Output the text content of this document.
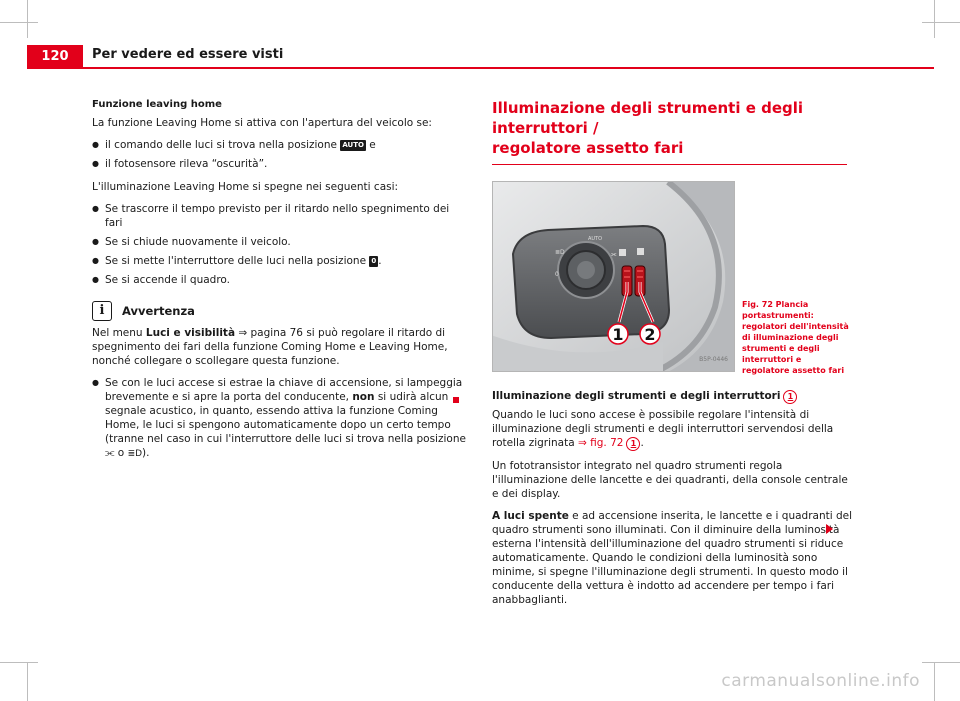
120	Per vedere ed essere visti
Funzione leaving home

La funzione Leaving Home si attiva con l'apertura del veicolo se:

● il comando delle luci si trova nella posizione AUTO e
● il fotosensore rileva “oscurità”.

L'illuminazione Leaving Home si spegne nei seguenti casi:

● Se trascorre il tempo previsto per il ritardo nello spegnimento dei fari
● Se si chiude nuovamente il veicolo.
● Se si mette l'interruttore delle luci nella posizione 0 .
● Se si accende il quadro.
i	Avvertenza

Nel menu Luci e visibilità ⇒ pagina 76 si può regolare il ritardo di spegnimento dei fari della funzione Coming Home e Leaving Home, nonché collegare o scollegare questa funzione.

● Se con le luci accese si estrae la chiave di accensione, si lampeggia brevemente e si apre la porta del conducente, non si udirà alcun segnale acustico, in quanto, essendo attiva la funzione Coming Home, le luci si spengono automaticamente dopo un certo tempo (tranne nel caso in cui l'interruttore delle luci si trova nella posizione ⫘ o ≣D).
Illuminazione degli strumenti e degli interruttori /
regolatore assetto fari
AUTO
≣D
0
⫘
1 2
B5P-0446
Fig. 72 Plancia portastrumenti: regolatori dell'intensità di illuminazione degli strumenti e degli interruttori e regolatore assetto fari

Illuminazione degli strumenti e degli interruttori 1

Quando le luci sono accese è possibile regolare l'intensità di illuminazione degli strumenti e degli interruttori servendosi della rotella zigrinata ⇒ fig. 72 1 .

Un fototransistor integrato nel quadro strumenti regola l'illuminazione delle lancette e dei quadranti, della console centrale e dei display.

A luci spente e ad accensione inserita, le lancette e i quadranti del quadro strumenti sono illuminati. Con il diminuire della luminosità esterna l'intensità dell'illuminazione del quadro strumenti si riduce automaticamente. Quando le condizioni della luminosità sono minime, si spegne l'illuminazione degli strumenti. In questo modo il conducente della vettura è indotto ad accendere per tempo i fari anabbaglianti.

carmanualsonline.info
